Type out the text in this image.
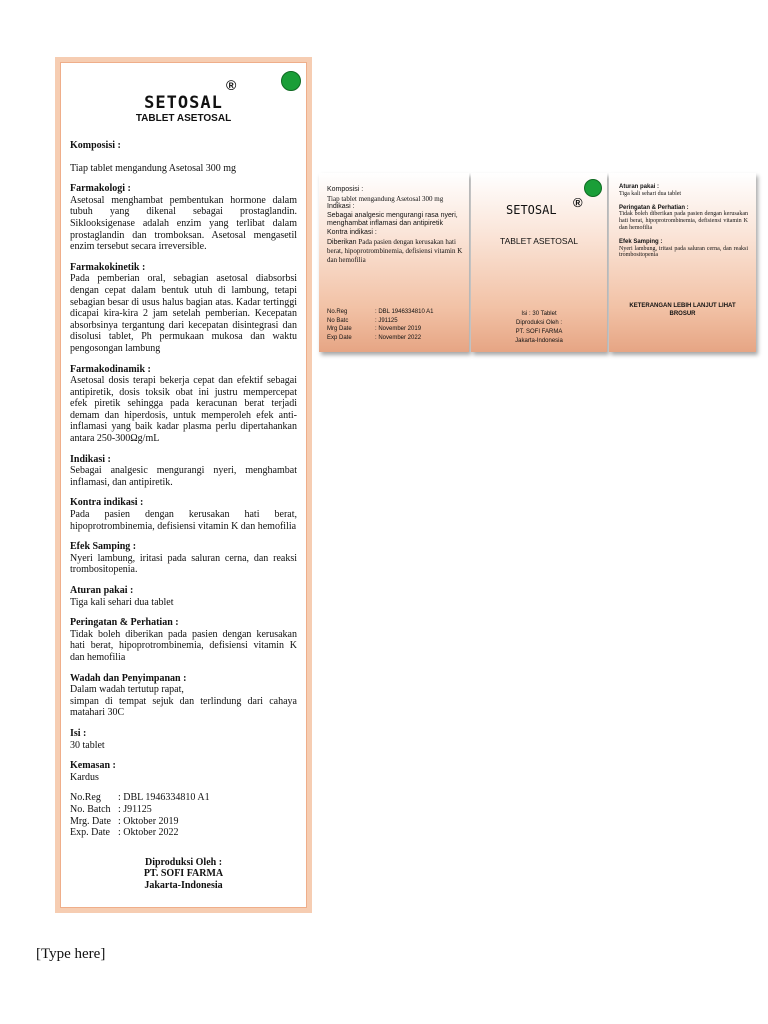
®
SETOSAL
TABLET ASETOSAL
Komposisi :
Tiap tablet mengandung Asetosal 300 mg
Farmakologi :
Asetosal menghambat pembentukan hormone dalam tubuh yang dikenal sebagai prostaglandin. Siklooksigenase adalah enzim yang terlibat dalam prostaglandin dan tromboksan. Asetosal mengasetil enzim tersebut secara irreversible.
Farmakokinetik :
Pada pemberian oral, sebagian asetosal diabsorbsi dengan cepat dalam bentuk utuh di lambung, tetapi sebagian besar di usus halus bagian atas. Kadar tertinggi dicapai kira-kira 2 jam setelah pemberian. Kecepatan absorbsinya tergantung dari kecepatan disintegrasi dan disolusi tablet, Ph permukaan mukosa dan waktu pengosongan lambung
Farmakodinamik :
Asetosal dosis terapi bekerja cepat dan efektif sebagai antipiretik, dosis toksik obat ini justru mempercepat efek piretik sehingga pada keracunan berat terjadi demam dan hiperdosis, untuk memperoleh efek anti-inflamasi yang baik kadar plasma perlu dipertahankan antara 250-300Ωg/mL
Indikasi :
Sebagai analgesic mengurangi nyeri, menghambat inflamasi, dan antipiretik.
Kontra indikasi :
Pada pasien dengan kerusakan hati berat, hipoprotrombinemia, defisiensi vitamin K dan hemofilia
Efek Samping :
Nyeri lambung, iritasi pada saluran cerna, dan reaksi trombositopenia.
Aturan pakai :
Tiga kali sehari dua tablet
Peringatan & Perhatian :
Tidak boleh diberikan pada pasien dengan kerusakan hati berat, hipoprotrombinemia, defisiensi vitamin K dan hemofilia
Wadah dan Penyimpanan :
Dalam wadah tertutup rapat,
simpan di tempat sejuk dan terlindung dari cahaya matahari 30C
Isi :
30 tablet
Kemasan :
Kardus
No.Reg	: DBL 1946334810 A1
No. Batch : J91125
Mrg. Date : Oktober 2019
Exp. Date : Oktober 2022
Diproduksi Oleh :
PT. SOFI FARMA
Jakarta-Indonesia
Komposisi :
Tiap tablet mengandung Asetosal 300 mg
Indikasi :
Sebagai analgesic mengurangi rasa nyeri, menghambat inflamasi dan antipiretik
Kontra indikasi :
Diberikan Pada pasien dengan kerusakan hati berat, hipoprotrombinemia, defisiensi vitamin K dan hemofilia
No.Reg	: DBL 1946334810 A1
No Batc	: J91125
Mrg Date	: November 2019
Exp Date	: November 2022
®
SETOSAL
TABLET ASETOSAL
Isi : 30 Tablet
Diproduksi Oleh :
PT. SOFI FARMA
Jakarta-Indonesia
Aturan pakai :
Tiga kali sehari dua tablet
Peringatan & Perhatian :
Tidak boleh diberikan pada pasien dengan kerusakan hati berat, hipoprotrombinemia, defisiensi vitamin K dan hemofilia
Efek Samping :
Nyeri lambung, iritasi pada saluran cerna, dan reaksi trombositopenia
KETERANGAN LEBIH LANJUT LIHAT BROSUR
[Type here]
